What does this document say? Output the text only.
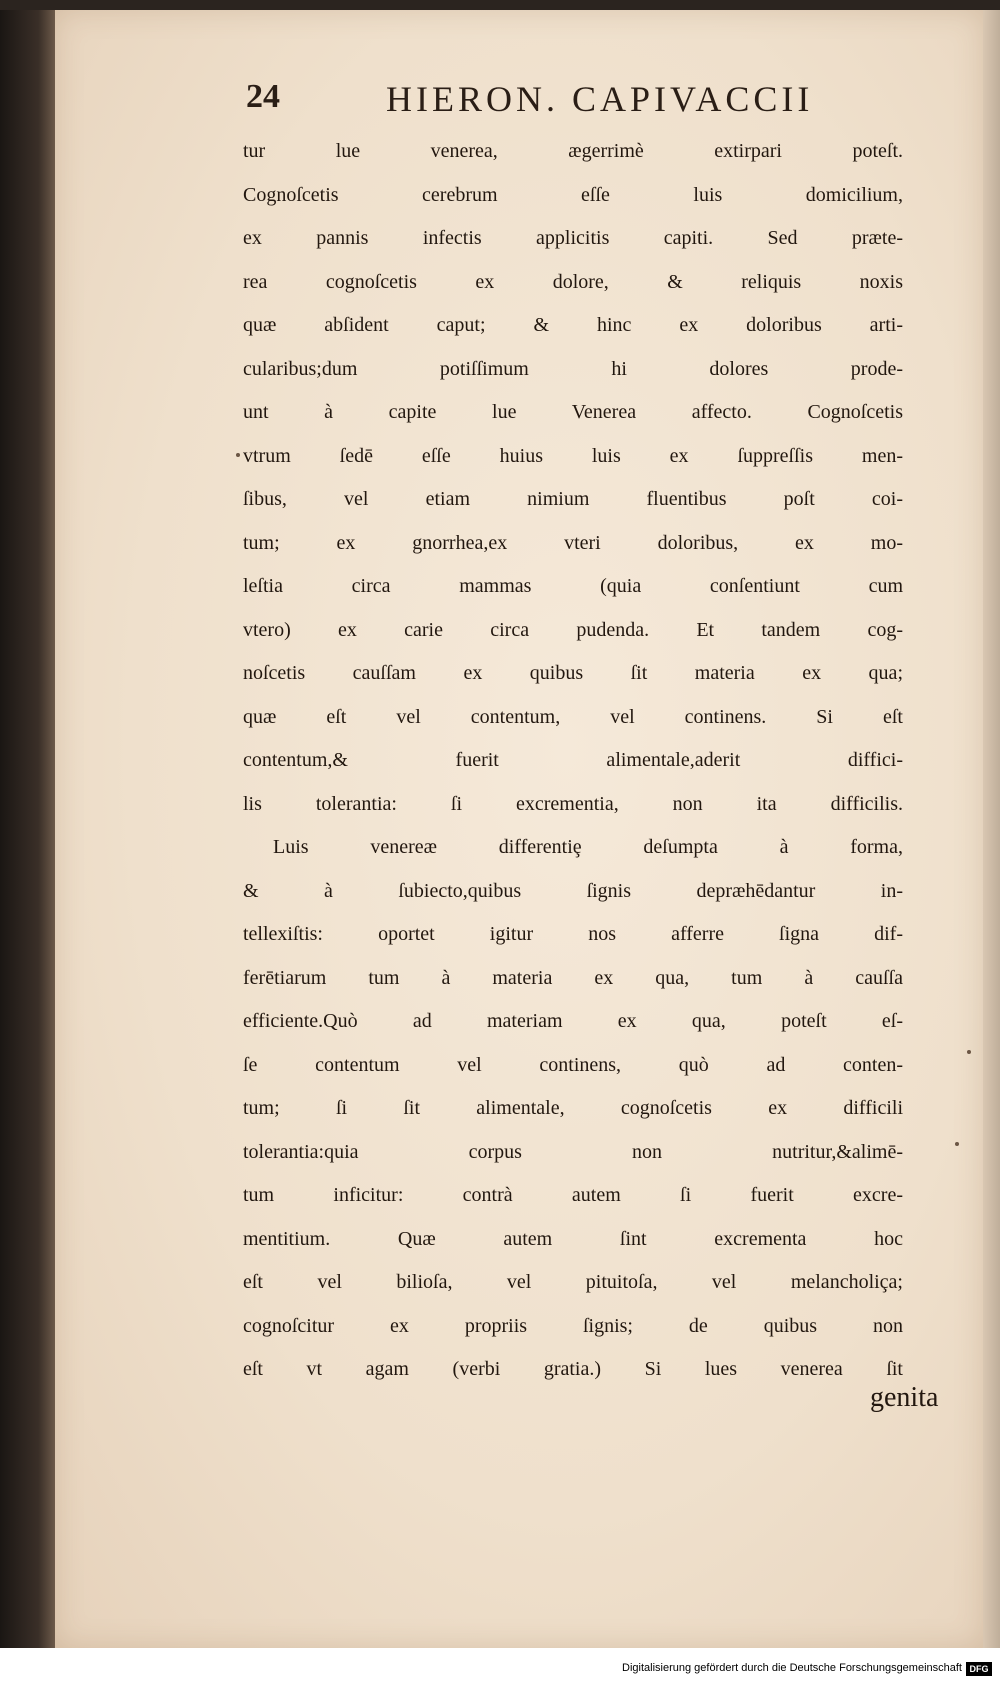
24	HIERON. CAPIVACCII
tur lue venerea, ægerrimè extirpari poteſt.
Cognoſcetis cerebrum eſſe luis domicilium,
ex pannis infectis applicitis capiti. Sed præte-
rea cognoſcetis ex dolore, & reliquis noxis
quæ abſident caput; & hinc ex doloribus arti-
cularibus;dum potiſſimum hi dolores prode-
unt à capite lue Venerea affecto. Cognoſcetis
vtrum ſedē eſſe huius luis ex ſuppreſſis men-
ſibus, vel etiam nimium fluentibus poſt coi-
tum; ex gnorrhea,ex vteri doloribus, ex mo-
leſtia circa mammas (quia conſentiunt cum
vtero) ex carie circa pudenda. Et tandem cog-
noſcetis cauſſam ex quibus ſit materia ex qua;
quæ eſt vel contentum, vel continens. Si eſt
contentum,& fuerit alimentale,aderit diffici-
lis tolerantia: ſi excrementia, non ita difficilis.
Luis venereæ differentiȩ deſumpta à forma,
& à ſubiecto,quibus ſignis depræhēdantur in-
tellexiſtis: oportet igitur nos afferre ſigna dif-
ferētiarum tum à materia ex qua, tum à cauſſa
efficiente.Quò ad materiam ex qua, poteſt eſ-
ſe contentum vel continens, quò ad conten-
tum; ſi ſit alimentale, cognoſcetis ex difficili
tolerantia:quia corpus non nutritur,&alimē-
tum inficitur: contrà autem ſi fuerit excre-
mentitium. Quæ autem ſint excrementa hoc
eſt vel bilioſa, vel pituitoſa, vel melancholiça;
cognoſcitur ex propriis ſignis; de quibus non
eſt vt agam (verbi gratia.) Si lues venerea ſit
genita
Digitalisierung gefördert durch die Deutsche Forschungsgemeinschaft DFG
